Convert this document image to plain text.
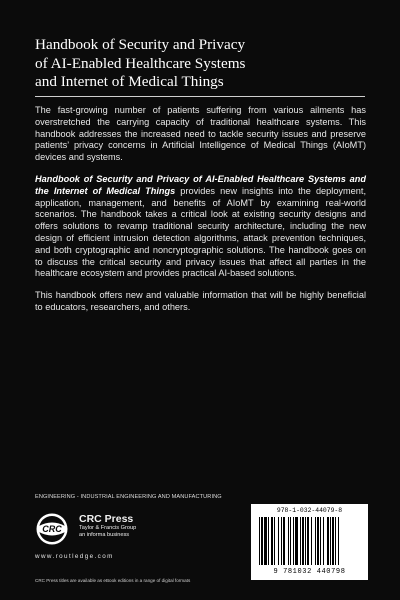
Handbook of Security and Privacy
of AI-Enabled Healthcare Systems
and Internet of Medical Things

The fast-growing number of patients suffering from various ailments has overstretched the carrying capacity of traditional healthcare systems. This handbook addresses the increased need to tackle security issues and preserve patients’ privacy concerns in Artificial Intelligence of Medical Things (AIoMT) devices and systems.

Handbook of Security and Privacy of AI-Enabled Healthcare Systems and the Internet of Medical Things provides new insights into the deployment, application, management, and benefits of AIoMT by examining real-world scenarios. The handbook takes a critical look at existing security designs and offers solutions to revamp traditional security architecture, including the new design of efficient intrusion detection algorithms, attack prevention techniques, and both cryptographic and noncryptographic solutions. The handbook goes on to discuss the critical security and privacy issues that affect all parties in the healthcare ecosystem and provides practical AI-based solutions.

This handbook offers new and valuable information that will be highly beneficial to educators, researchers, and others.

ENGINEERING - INDUSTRIAL ENGINEERING AND MANUFACTURING
CRC
CRC Press
Taylor & Francis Group
an informa business
www.routledge.com
CRC Press titles are available as eBook editions in a range of digital formats
978-1-032-44079-8
9 781032 440798
